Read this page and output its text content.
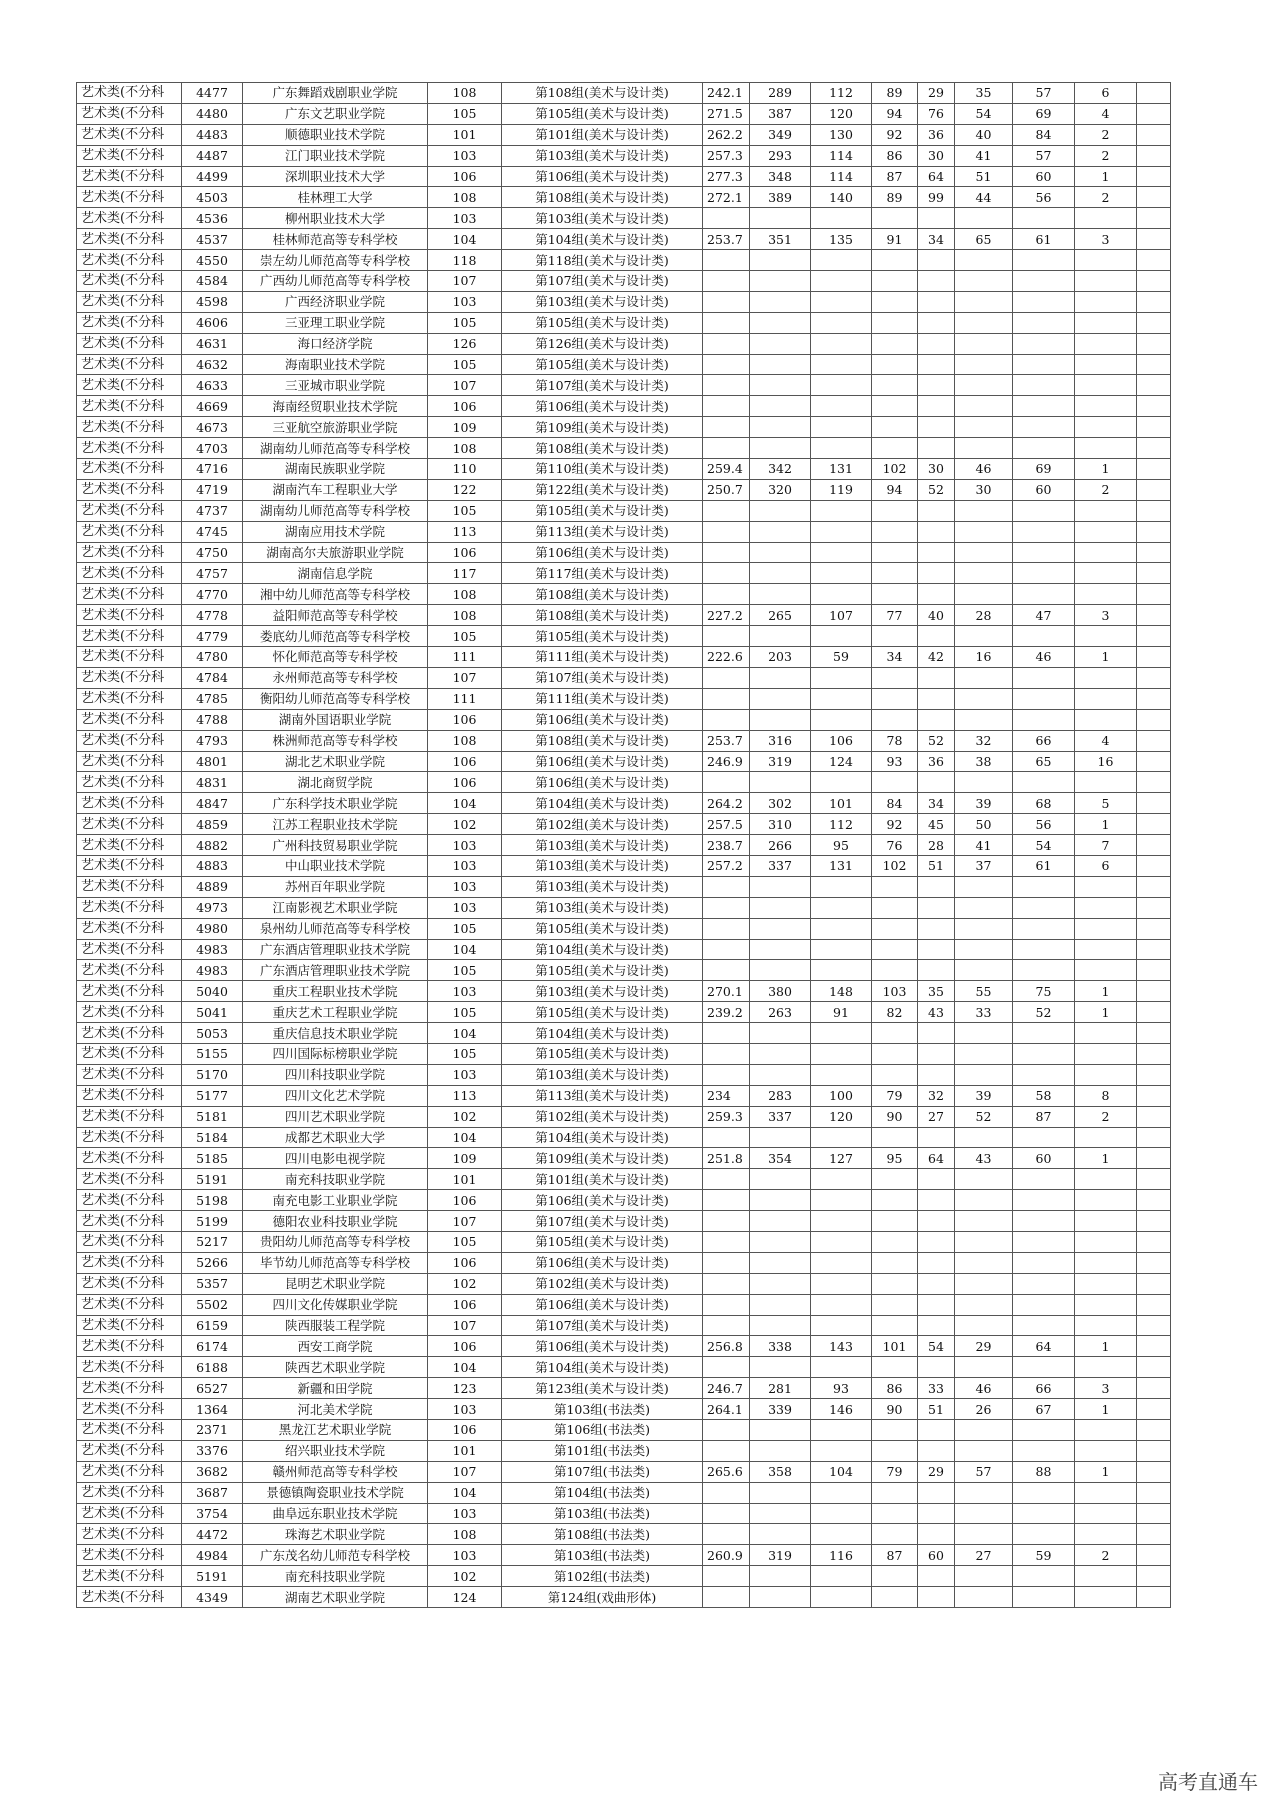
艺术类(不分科	4477	广东舞蹈戏剧职业学院	108	第108组(美术与设计类)	242.1	289	112	89	29	35	57	6	
艺术类(不分科	4480	广东文艺职业学院	105	第105组(美术与设计类)	271.5	387	120	94	76	54	69	4	
艺术类(不分科	4483	顺德职业技术学院	101	第101组(美术与设计类)	262.2	349	130	92	36	40	84	2	
艺术类(不分科	4487	江门职业技术学院	103	第103组(美术与设计类)	257.3	293	114	86	30	41	57	2	
艺术类(不分科	4499	深圳职业技术大学	106	第106组(美术与设计类)	277.3	348	114	87	64	51	60	1	
艺术类(不分科	4503	桂林理工大学	108	第108组(美术与设计类)	272.1	389	140	89	99	44	56	2	
艺术类(不分科	4536	柳州职业技术大学	103	第103组(美术与设计类)									
艺术类(不分科	4537	桂林师范高等专科学校	104	第104组(美术与设计类)	253.7	351	135	91	34	65	61	3	
艺术类(不分科	4550	崇左幼儿师范高等专科学校	118	第118组(美术与设计类)									
艺术类(不分科	4584	广西幼儿师范高等专科学校	107	第107组(美术与设计类)									
艺术类(不分科	4598	广西经济职业学院	103	第103组(美术与设计类)									
艺术类(不分科	4606	三亚理工职业学院	105	第105组(美术与设计类)									
艺术类(不分科	4631	海口经济学院	126	第126组(美术与设计类)									
艺术类(不分科	4632	海南职业技术学院	105	第105组(美术与设计类)									
艺术类(不分科	4633	三亚城市职业学院	107	第107组(美术与设计类)									
艺术类(不分科	4669	海南经贸职业技术学院	106	第106组(美术与设计类)									
艺术类(不分科	4673	三亚航空旅游职业学院	109	第109组(美术与设计类)									
艺术类(不分科	4703	湖南幼儿师范高等专科学校	108	第108组(美术与设计类)									
艺术类(不分科	4716	湖南民族职业学院	110	第110组(美术与设计类)	259.4	342	131	102	30	46	69	1	
艺术类(不分科	4719	湖南汽车工程职业大学	122	第122组(美术与设计类)	250.7	320	119	94	52	30	60	2	
艺术类(不分科	4737	湖南幼儿师范高等专科学校	105	第105组(美术与设计类)									
艺术类(不分科	4745	湖南应用技术学院	113	第113组(美术与设计类)									
艺术类(不分科	4750	湖南高尔夫旅游职业学院	106	第106组(美术与设计类)									
艺术类(不分科	4757	湖南信息学院	117	第117组(美术与设计类)									
艺术类(不分科	4770	湘中幼儿师范高等专科学校	108	第108组(美术与设计类)									
艺术类(不分科	4778	益阳师范高等专科学校	108	第108组(美术与设计类)	227.2	265	107	77	40	28	47	3	
艺术类(不分科	4779	娄底幼儿师范高等专科学校	105	第105组(美术与设计类)									
艺术类(不分科	4780	怀化师范高等专科学校	111	第111组(美术与设计类)	222.6	203	59	34	42	16	46	1	
艺术类(不分科	4784	永州师范高等专科学校	107	第107组(美术与设计类)									
艺术类(不分科	4785	衡阳幼儿师范高等专科学校	111	第111组(美术与设计类)									
艺术类(不分科	4788	湖南外国语职业学院	106	第106组(美术与设计类)									
艺术类(不分科	4793	株洲师范高等专科学校	108	第108组(美术与设计类)	253.7	316	106	78	52	32	66	4	
艺术类(不分科	4801	湖北艺术职业学院	106	第106组(美术与设计类)	246.9	319	124	93	36	38	65	16	
艺术类(不分科	4831	湖北商贸学院	106	第106组(美术与设计类)									
艺术类(不分科	4847	广东科学技术职业学院	104	第104组(美术与设计类)	264.2	302	101	84	34	39	68	5	
艺术类(不分科	4859	江苏工程职业技术学院	102	第102组(美术与设计类)	257.5	310	112	92	45	50	56	1	
艺术类(不分科	4882	广州科技贸易职业学院	103	第103组(美术与设计类)	238.7	266	95	76	28	41	54	7	
艺术类(不分科	4883	中山职业技术学院	103	第103组(美术与设计类)	257.2	337	131	102	51	37	61	6	
艺术类(不分科	4889	苏州百年职业学院	103	第103组(美术与设计类)									
艺术类(不分科	4973	江南影视艺术职业学院	103	第103组(美术与设计类)									
艺术类(不分科	4980	泉州幼儿师范高等专科学校	105	第105组(美术与设计类)									
艺术类(不分科	4983	广东酒店管理职业技术学院	104	第104组(美术与设计类)									
艺术类(不分科	4983	广东酒店管理职业技术学院	105	第105组(美术与设计类)									
艺术类(不分科	5040	重庆工程职业技术学院	103	第103组(美术与设计类)	270.1	380	148	103	35	55	75	1	
艺术类(不分科	5041	重庆艺术工程职业学院	105	第105组(美术与设计类)	239.2	263	91	82	43	33	52	1	
艺术类(不分科	5053	重庆信息技术职业学院	104	第104组(美术与设计类)									
艺术类(不分科	5155	四川国际标榜职业学院	105	第105组(美术与设计类)									
艺术类(不分科	5170	四川科技职业学院	103	第103组(美术与设计类)									
艺术类(不分科	5177	四川文化艺术学院	113	第113组(美术与设计类)	234	283	100	79	32	39	58	8	
艺术类(不分科	5181	四川艺术职业学院	102	第102组(美术与设计类)	259.3	337	120	90	27	52	87	2	
艺术类(不分科	5184	成都艺术职业大学	104	第104组(美术与设计类)									
艺术类(不分科	5185	四川电影电视学院	109	第109组(美术与设计类)	251.8	354	127	95	64	43	60	1	
艺术类(不分科	5191	南充科技职业学院	101	第101组(美术与设计类)									
艺术类(不分科	5198	南充电影工业职业学院	106	第106组(美术与设计类)									
艺术类(不分科	5199	德阳农业科技职业学院	107	第107组(美术与设计类)									
艺术类(不分科	5217	贵阳幼儿师范高等专科学校	105	第105组(美术与设计类)									
艺术类(不分科	5266	毕节幼儿师范高等专科学校	106	第106组(美术与设计类)									
艺术类(不分科	5357	昆明艺术职业学院	102	第102组(美术与设计类)									
艺术类(不分科	5502	四川文化传媒职业学院	106	第106组(美术与设计类)									
艺术类(不分科	6159	陕西服装工程学院	107	第107组(美术与设计类)									
艺术类(不分科	6174	西安工商学院	106	第106组(美术与设计类)	256.8	338	143	101	54	29	64	1	
艺术类(不分科	6188	陕西艺术职业学院	104	第104组(美术与设计类)									
艺术类(不分科	6527	新疆和田学院	123	第123组(美术与设计类)	246.7	281	93	86	33	46	66	3	
艺术类(不分科	1364	河北美术学院	103	第103组(书法类)	264.1	339	146	90	51	26	67	1	
艺术类(不分科	2371	黑龙江艺术职业学院	106	第106组(书法类)									
艺术类(不分科	3376	绍兴职业技术学院	101	第101组(书法类)									
艺术类(不分科	3682	赣州师范高等专科学校	107	第107组(书法类)	265.6	358	104	79	29	57	88	1	
艺术类(不分科	3687	景德镇陶瓷职业技术学院	104	第104组(书法类)									
艺术类(不分科	3754	曲阜远东职业技术学院	103	第103组(书法类)									
艺术类(不分科	4472	珠海艺术职业学院	108	第108组(书法类)									
艺术类(不分科	4984	广东茂名幼儿师范专科学校	103	第103组(书法类)	260.9	319	116	87	60	27	59	2	
艺术类(不分科	5191	南充科技职业学院	102	第102组(书法类)									
艺术类(不分科	4349	湖南艺术职业学院	124	第124组(戏曲形体)									
高考直通车
